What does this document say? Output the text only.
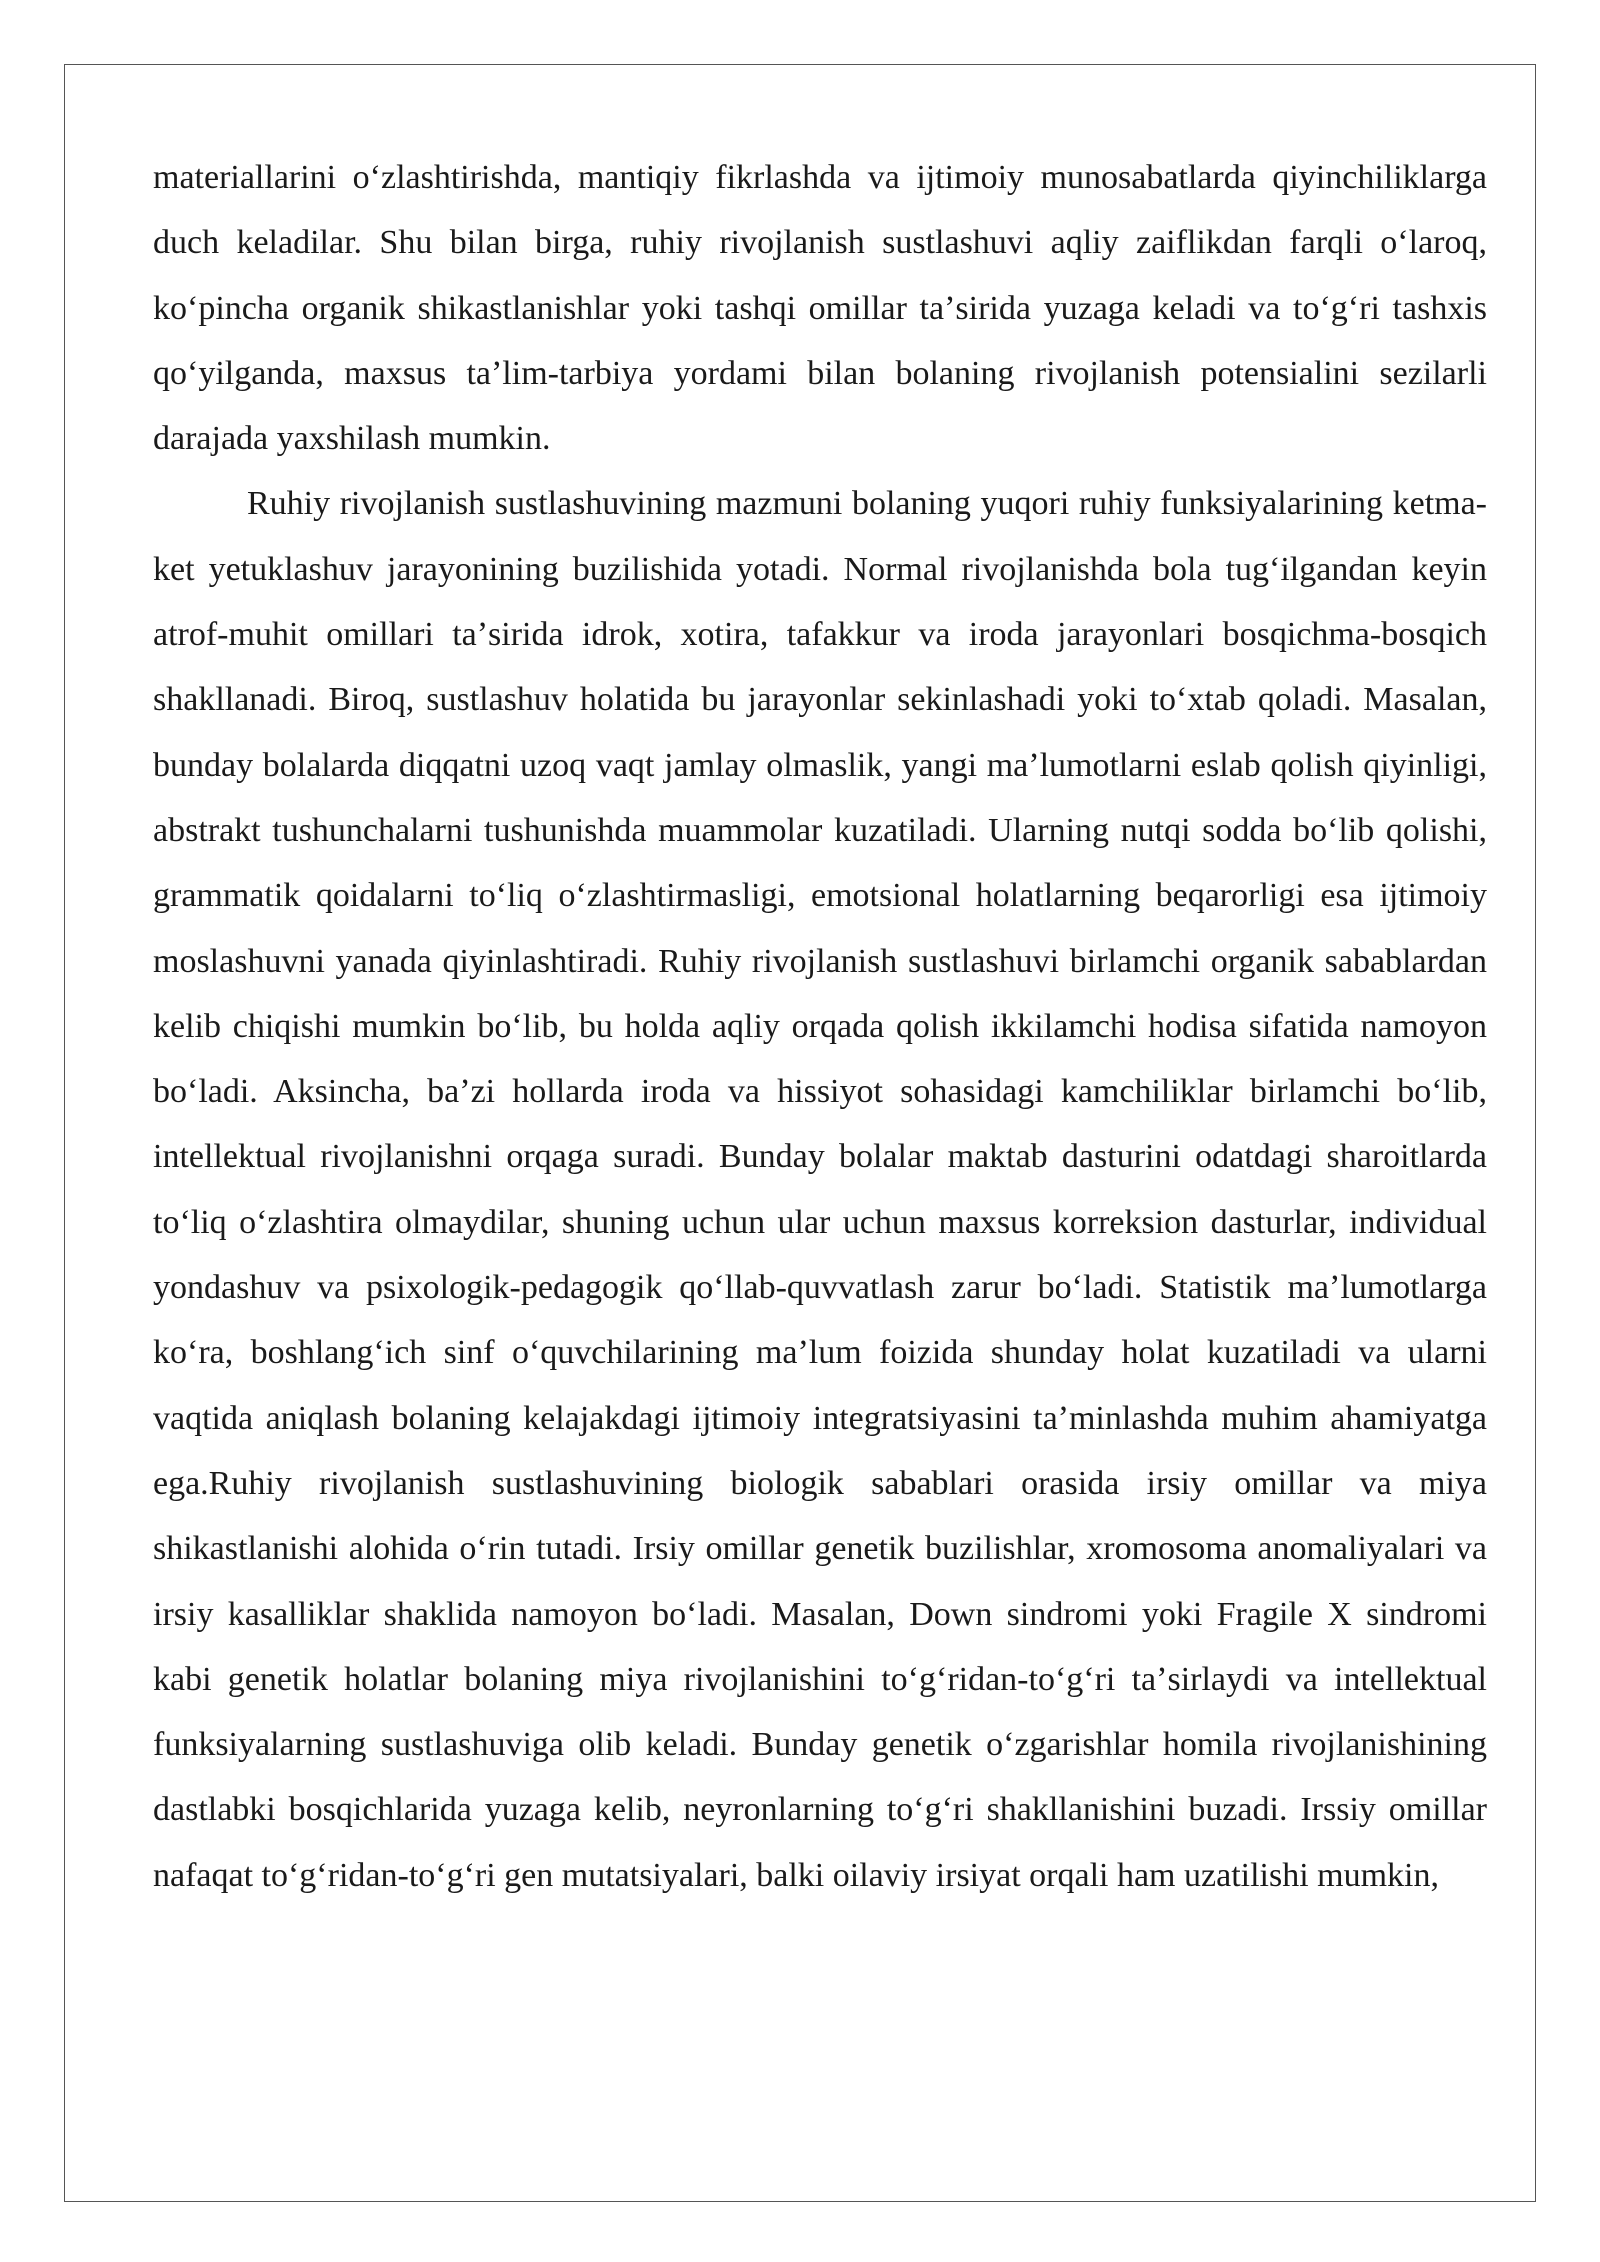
materiallarini oʻzlashtirishda, mantiqiy fikrlashda va ijtimoiy munosabatlarda qiyinchiliklarga duch keladilar. Shu bilan birga, ruhiy rivojlanish sustlashuvi aqliy zaiflikdan farqli oʻlaroq, koʻpincha organik shikastlanishlar yoki tashqi omillar taʼsirida yuzaga keladi va toʻgʻri tashxis qoʻyilganda, maxsus taʼlim-tarbiya yordami bilan bolaning rivojlanish potensialini sezilarli darajada yaxshilash mumkin.

Ruhiy rivojlanish sustlashuvining mazmuni bolaning yuqori ruhiy funksiyalarining ketma-ket yetuklashuv jarayonining buzilishida yotadi. Normal rivojlanishda bola tugʻilgandan keyin atrof-muhit omillari taʼsirida idrok, xotira, tafakkur va iroda jarayonlari bosqichma-bosqich shakllanadi. Biroq, sustlashuv holatida bu jarayonlar sekinlashadi yoki toʻxtab qoladi. Masalan, bunday bolalarda diqqatni uzoq vaqt jamlay olmaslik, yangi maʼlumotlarni eslab qolish qiyinligi, abstrakt tushunchalarni tushunishda muammolar kuzatiladi. Ularning nutqi sodda boʻlib qolishi, grammatik qoidalarni toʻliq oʻzlashtirmasligi, emotsional holatlarning beqarorligi esa ijtimoiy moslashuvni yanada qiyinlashtiradi. Ruhiy rivojlanish sustlashuvi birlamchi organik sabablardan kelib chiqishi mumkin boʻlib, bu holda aqliy orqada qolish ikkilamchi hodisa sifatida namoyon boʻladi. Aksincha, baʼzi hollarda iroda va hissiyot sohasidagi kamchiliklar birlamchi boʻlib, intellektual rivojlanishni orqaga suradi. Bunday bolalar maktab dasturini odatdagi sharoitlarda toʻliq oʻzlashtira olmaydilar, shuning uchun ular uchun maxsus korreksion dasturlar, individual yondashuv va psixologik-pedagogik qoʻllab-quvvatlash zarur boʻladi. Statistik maʼlumotlarga koʻra, boshlangʻich sinf oʻquvchilarining maʼlum foizida shunday holat kuzatiladi va ularni vaqtida aniqlash bolaning kelajakdagi ijtimoiy integratsiyasini taʼminlashda muhim ahamiyatga ega.Ruhiy rivojlanish sustlashuvining biologik sabablari orasida irsiy omillar va miya shikastlanishi alohida oʻrin tutadi. Irsiy omillar genetik buzilishlar, xromosoma anomaliyalari va irsiy kasalliklar shaklida namoyon boʻladi. Masalan, Down sindromi yoki Fragile X sindromi kabi genetik holatlar bolaning miya rivojlanishini toʻgʻridan-toʻgʻri taʼsirlaydi va intellektual funksiyalarning sustlashuviga olib keladi. Bunday genetik oʻzgarishlar homila rivojlanishining dastlabki bosqichlarida yuzaga kelib, neyronlarning toʻgʻri shakllanishini buzadi. Irssiy omillar nafaqat toʻgʻridan-toʻgʻri gen mutatsiyalari, balki oilaviy irsiyat orqali ham uzatilishi mumkin,
